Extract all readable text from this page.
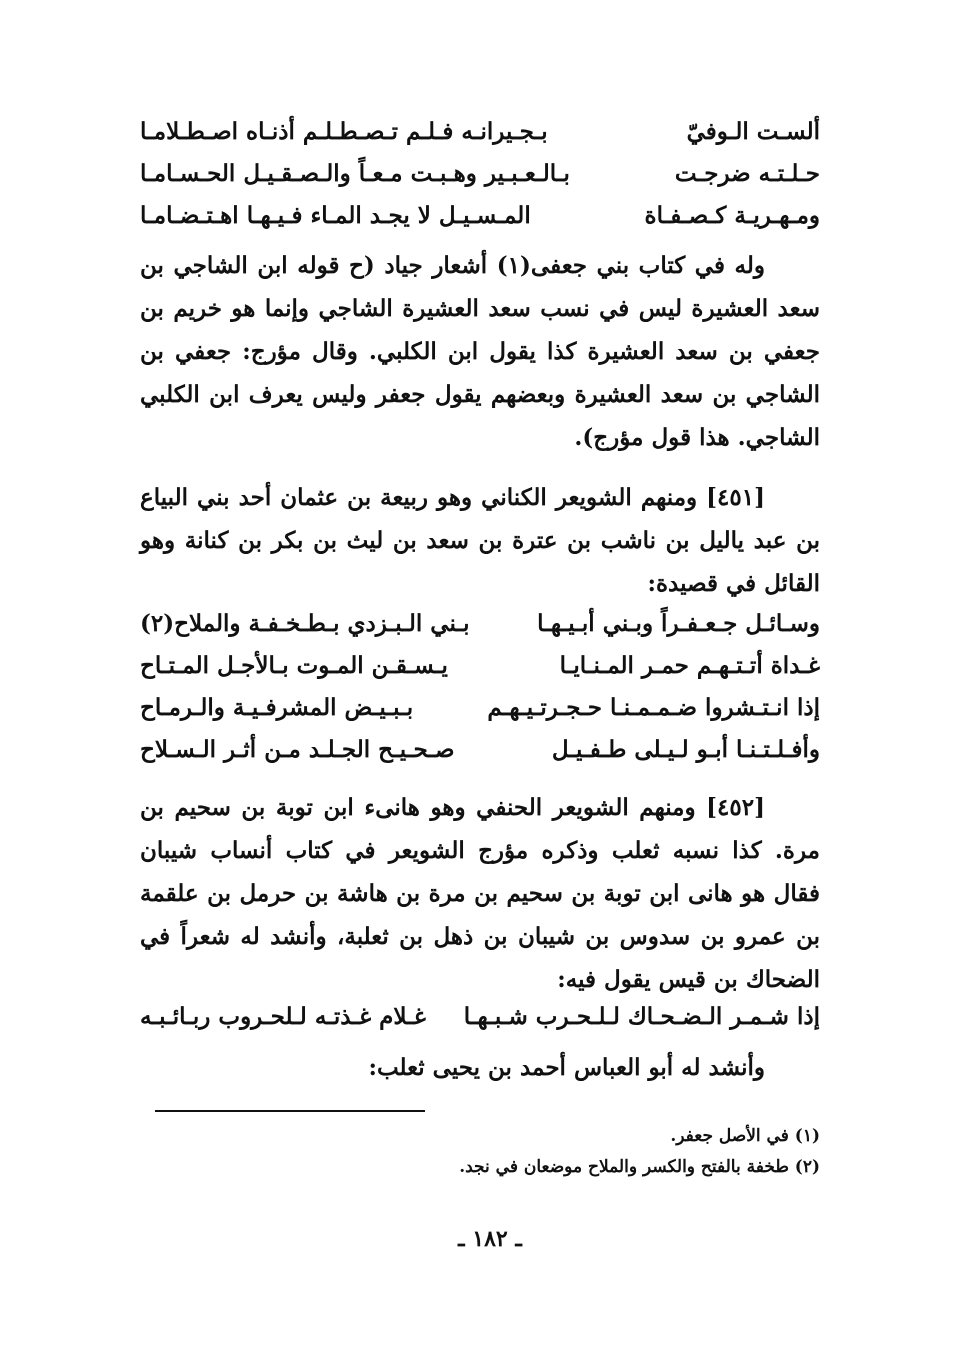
ألسـت الـوفيّ
بـجـيرانـه فـلـم تـصـطـلـم أذنـاه اصـطـلامـا
حـلـتـه ضرجـت
بـالـعـبـير وهـبـت مـعـاً والـصـقـيـل الحـسـامـا
ومـهـريـة كـصـفـاة
المـسـيـل لا يجـد المـاء فـيـهـا اهـتـضـامـا
وله في كتاب بني جعفى(١) أشعار جياد (ح قوله ابن الشاجي بن سعد العشيرة ليس في نسب سعد العشيرة الشاجي وإنما هو خريم بن جعفي بن سعد العشيرة كذا يقول ابن الكلبي. وقال مؤرج: جعفي بن الشاجي بن سعد العشيرة وبعضهم يقول جعفر وليس يعرف ابن الكلبي الشاجي. هذا قول مؤرج).
[٤٥١] ومنهم الشويعر الكناني وهو ربيعة بن عثمان أحد بني البياع بن عبد ياليل بن ناشب بن عترة بن سعد بن ليث بن بكر بن كنانة وهو القائل في قصيدة:
وسـائـل جـعـفـراً وبـني أبـيـهـا
بـني الـبـزدي بـطـخـفـة والملاح(٢)
غـداة أتـتـهـم حمـر المـنـايـا
يـسـقـن المـوت بـالأجـل المـتـاح
إذا انـتـشروا ضـمـمـنـا حـجـرتـيـهـم
بـبـيـض المشرفـيـة والـرمـاح
وأفـلـتـنـا أبـو لـيـلى طـفـيـل
صـحـيـح الجـلـد مـن أثـر الـسـلاح
[٤٥٢] ومنهم الشويعر الحنفي وهو هانىء ابن توبة بن سحيم بن مرة. كذا نسبه ثعلب وذكره مؤرج الشويعر في كتاب أنساب شيبان فقال هو هانى ابن توبة بن سحيم بن مرة بن هاشة بن حرمل بن علقمة بن عمرو بن سدوس بن شيبان بن ذهل بن ثعلبة، وأنشد له شعراً في الضحاك بن قيس يقول فيه:
إذا شـمـر الـضـحـاك لـلـحـرب شـبـهـا
غـلام غـذتـه لـلحـروب ربـائـبـه
وأنشد له أبو العباس أحمد بن يحيى ثعلب:
(١) في الأصل جعفر.
(٢) طخفة بالفتح والكسر والملاح موضعان في نجد.
ـ ١٨٢ ـ
